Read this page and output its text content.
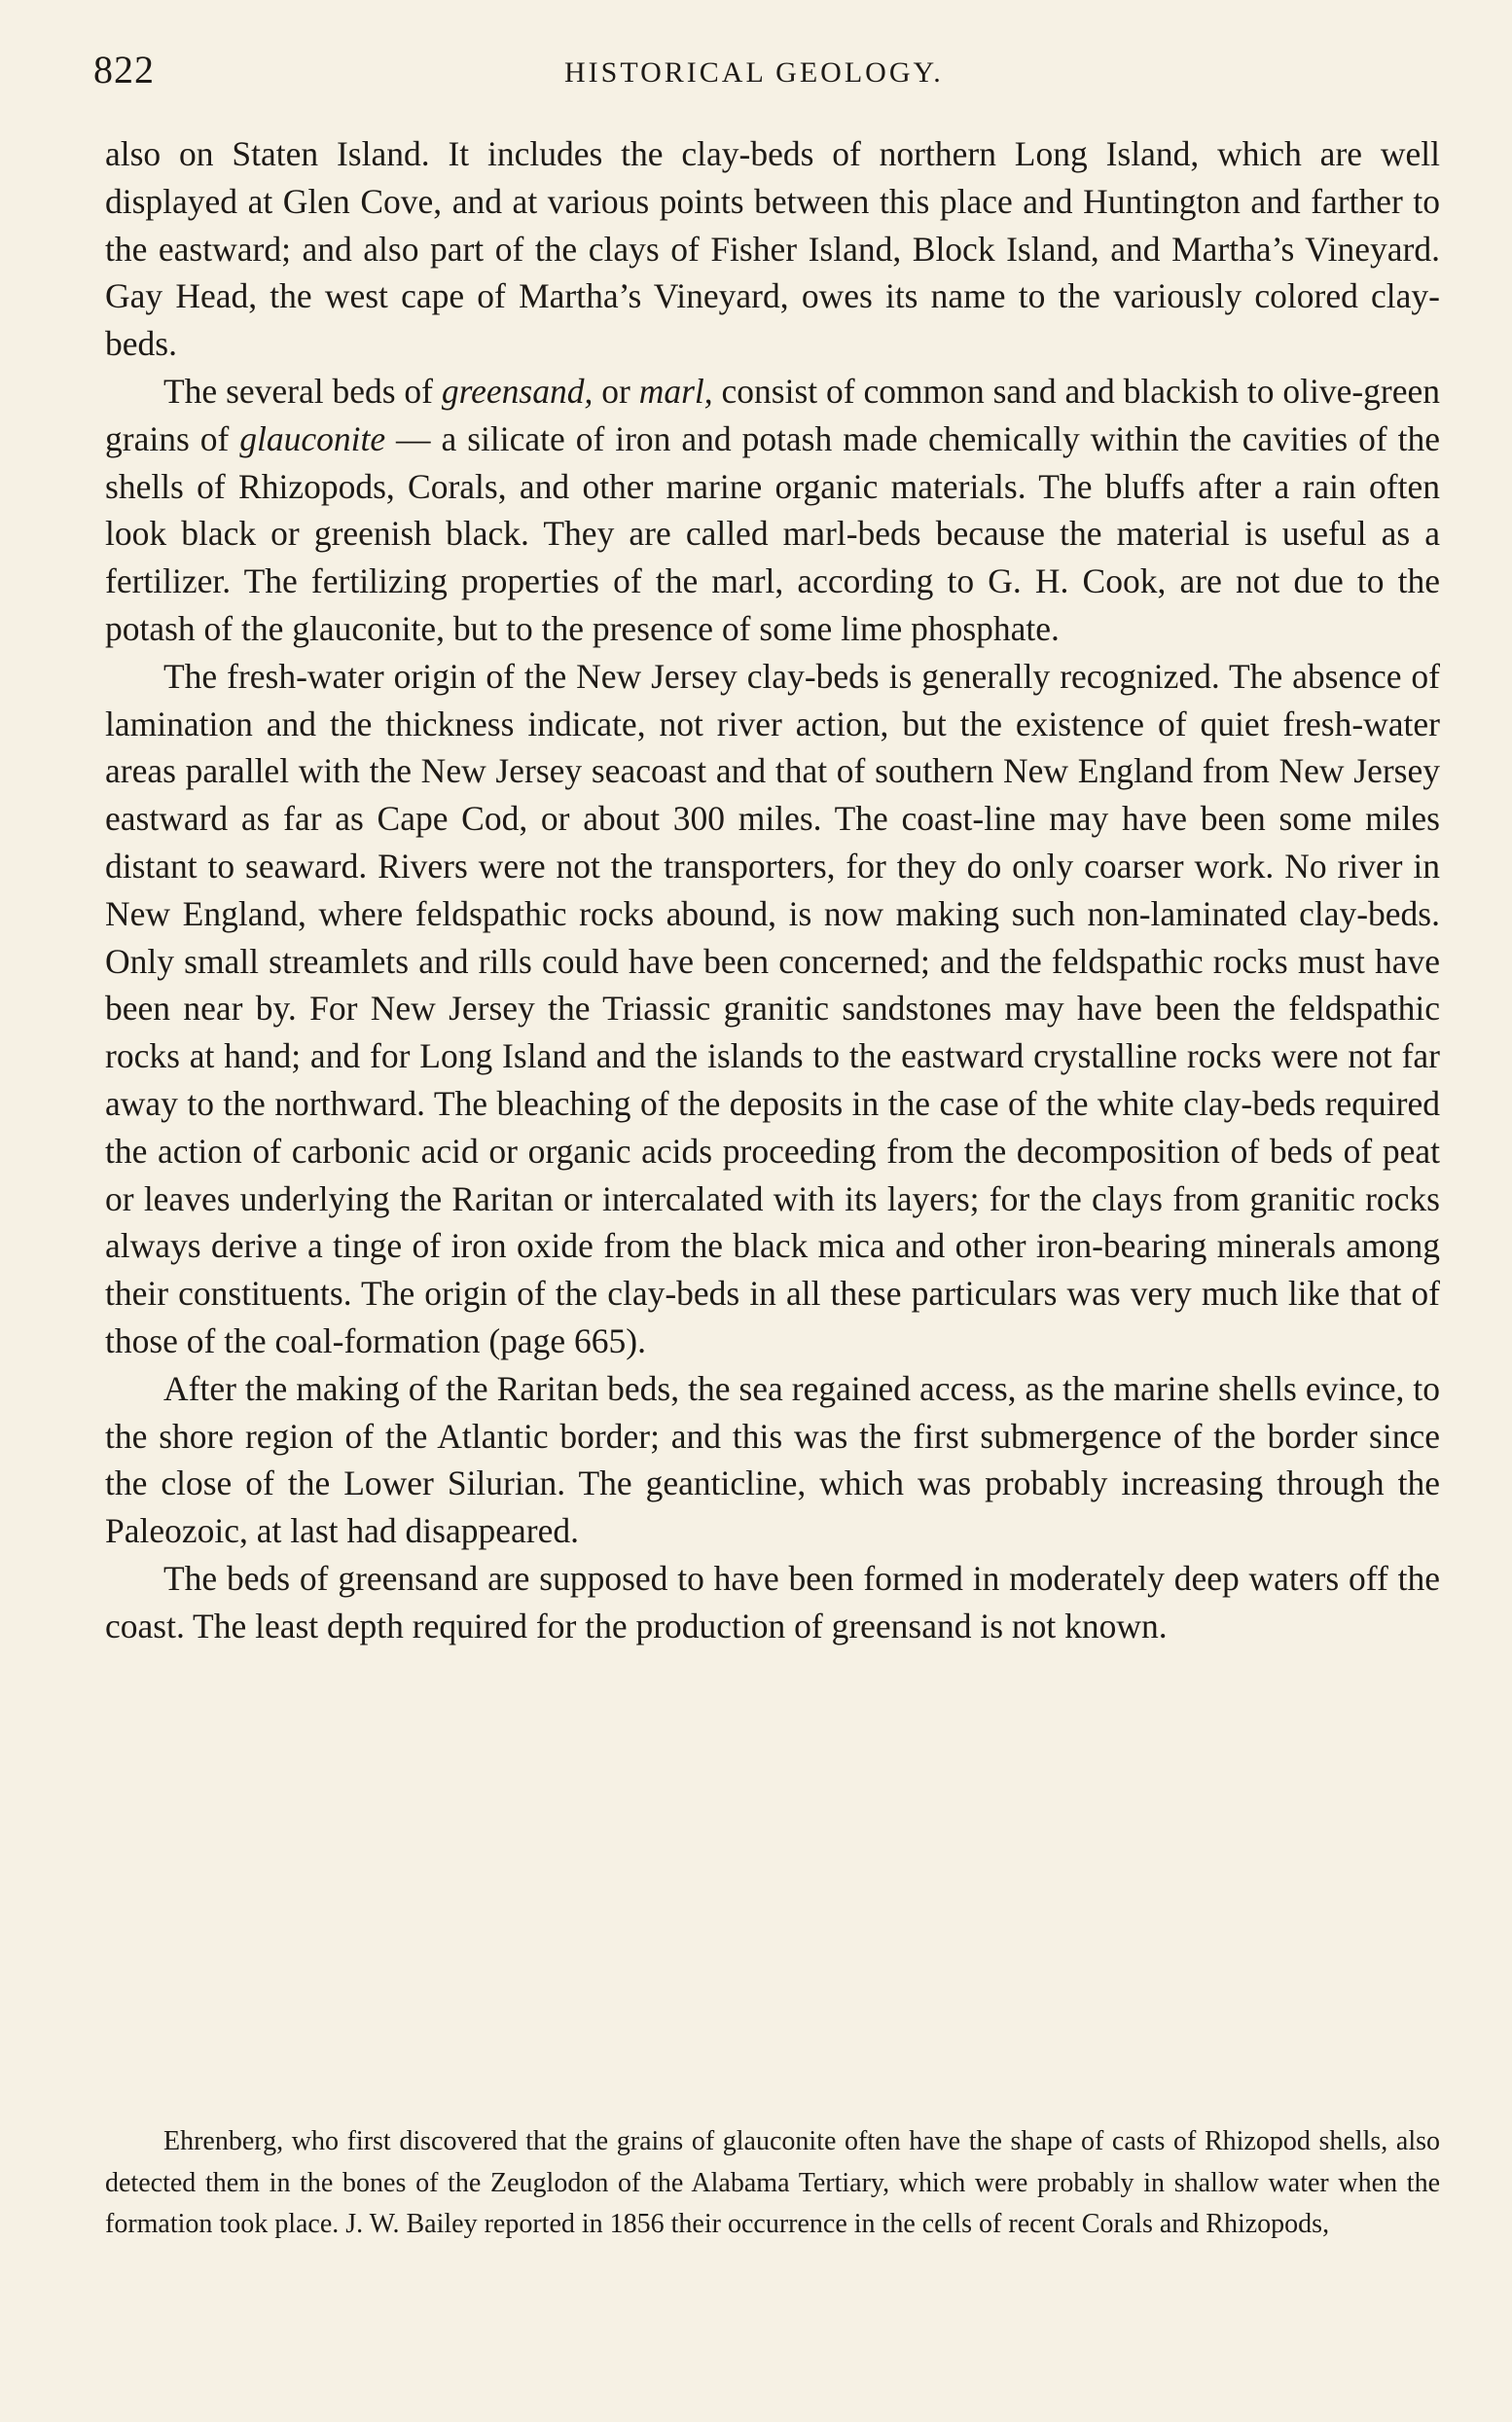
822	HISTORICAL GEOLOGY.

also on Staten Island. It includes the clay-beds of northern Long Island, which are well displayed at Glen Cove, and at various points between this place and Huntington and farther to the eastward; and also part of the clays of Fisher Island, Block Island, and Martha’s Vineyard. Gay Head, the west cape of Martha’s Vineyard, owes its name to the variously colored clay-beds.

The several beds of greensand, or marl, consist of common sand and blackish to olive-green grains of glauconite — a silicate of iron and potash made chemically within the cavities of the shells of Rhizopods, Corals, and other marine organic materials. The bluffs after a rain often look black or greenish black. They are called marl-beds because the material is useful as a fertilizer. The fertilizing properties of the marl, according to G. H. Cook, are not due to the potash of the glauconite, but to the presence of some lime phosphate.

The fresh-water origin of the New Jersey clay-beds is generally recognized. The absence of lamination and the thickness indicate, not river action, but the existence of quiet fresh-water areas parallel with the New Jersey seacoast and that of southern New England from New Jersey eastward as far as Cape Cod, or about 300 miles. The coast-line may have been some miles distant to seaward. Rivers were not the transporters, for they do only coarser work. No river in New England, where feldspathic rocks abound, is now making such non-laminated clay-beds. Only small streamlets and rills could have been concerned; and the feldspathic rocks must have been near by. For New Jersey the Triassic granitic sandstones may have been the feldspathic rocks at hand; and for Long Island and the islands to the eastward crystalline rocks were not far away to the northward. The bleaching of the deposits in the case of the white clay-beds required the action of carbonic acid or organic acids proceeding from the decomposition of beds of peat or leaves underlying the Raritan or intercalated with its layers; for the clays from granitic rocks always derive a tinge of iron oxide from the black mica and other iron-bearing minerals among their constituents. The origin of the clay-beds in all these particulars was very much like that of those of the coal-formation (page 665).

After the making of the Raritan beds, the sea regained access, as the marine shells evince, to the shore region of the Atlantic border; and this was the first submergence of the border since the close of the Lower Silurian. The geanticline, which was probably increasing through the Paleozoic, at last had disappeared.

The beds of greensand are supposed to have been formed in moderately deep waters off the coast. The least depth required for the production of greensand is not known.

Ehrenberg, who first discovered that the grains of glauconite often have the shape of casts of Rhizopod shells, also detected them in the bones of the Zeuglodon of the Alabama Tertiary, which were probably in shallow water when the formation took place. J. W. Bailey reported in 1856 their occurrence in the cells of recent Corals and Rhizopods,
